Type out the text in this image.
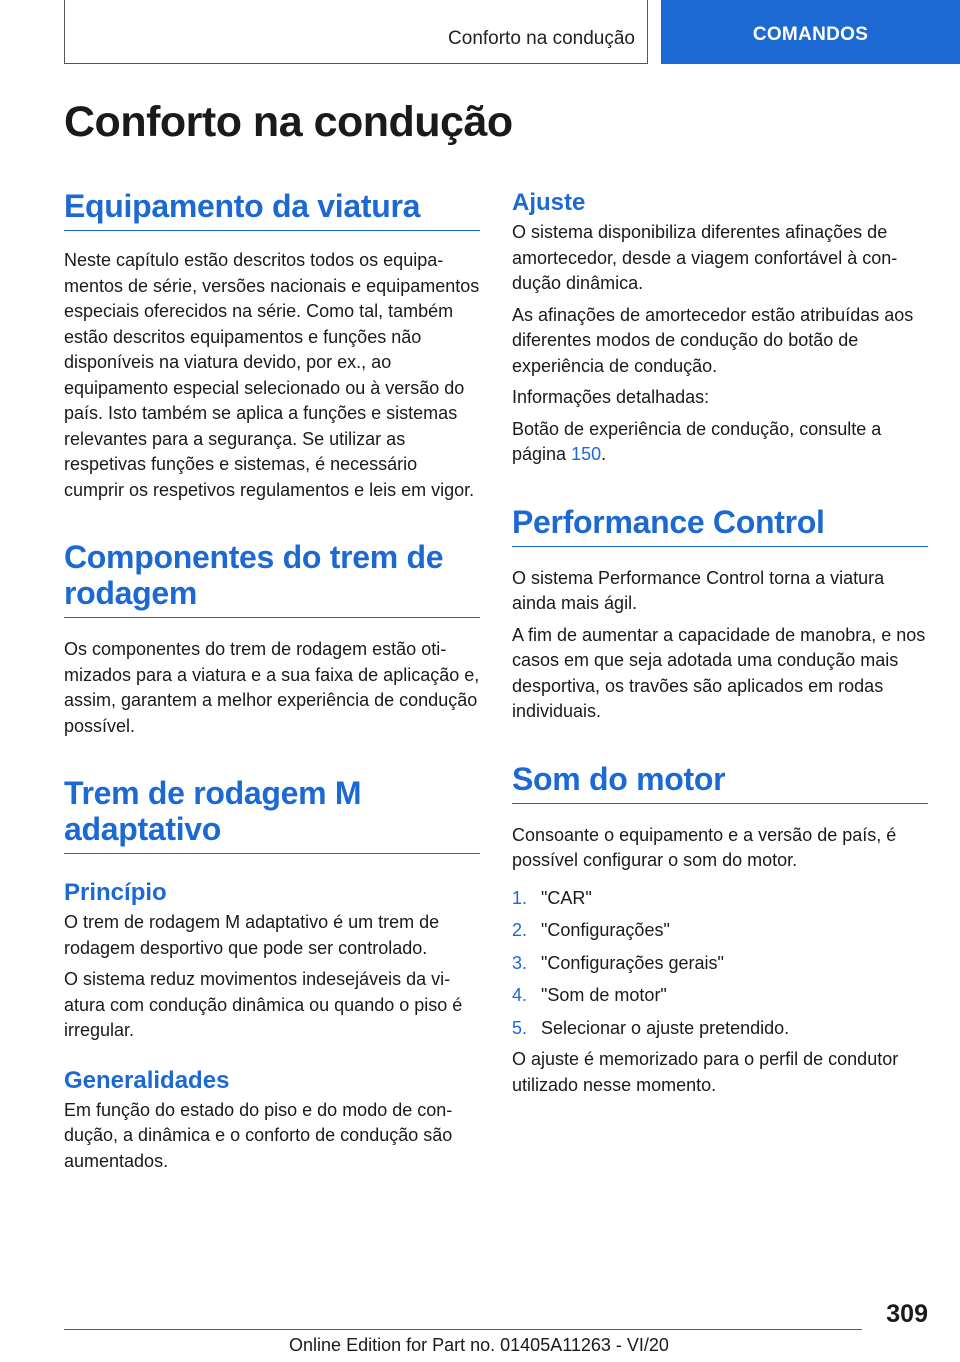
Conforto na condução	COMANDOS
Conforto na condução
Equipamento da viatura

Neste capítulo estão descritos todos os equipamentos de série, versões nacionais e equipamentos especiais oferecidos na série. Como tal, também estão descritos equipamentos e funções não disponíveis na viatura devido, por ex., ao equipamento especial selecionado ou à versão do país. Isto também se aplica a funções e sistemas relevantes para a segurança. Se utilizar as respetivas funções e sistemas, é necessário cumprir os respetivos regulamentos e leis em vigor.

Componentes do trem de rodagem

Os componentes do trem de rodagem estão otimizados para a viatura e a sua faixa de aplicação e, assim, garantem a melhor experiência de condução possível.

Trem de rodagem M adaptativo
Princípio

O trem de rodagem M adaptativo é um trem de rodagem desportivo que pode ser controlado.

O sistema reduz movimentos indesejáveis da viatura com condução dinâmica ou quando o piso é irregular.

Generalidades

Em função do estado do piso e do modo de condução, a dinâmica e o conforto de condução são aumentados.

Ajuste

O sistema disponibiliza diferentes afinações de amortecedor, desde a viagem confortável à condução dinâmica.

As afinações de amortecedor estão atribuídas aos diferentes modos de condução do botão de experiência de condução.

Informações detalhadas:

Botão de experiência de condução, consulte a página 150.

Performance Control

O sistema Performance Control torna a viatura ainda mais ágil.

A fim de aumentar a capacidade de manobra, e nos casos em que seja adotada uma condução mais desportiva, os travões são aplicados em rodas individuais.

Som do motor

Consoante o equipamento e a versão de país, é possível configurar o som do motor.

1. "CAR"
2. "Configurações"
3. "Configurações gerais"
4. "Som de motor"
5. Selecionar o ajuste pretendido.

O ajuste é memorizado para o perfil de condutor utilizado nesse momento.

309
Online Edition for Part no. 01405A11263 - VI/20
